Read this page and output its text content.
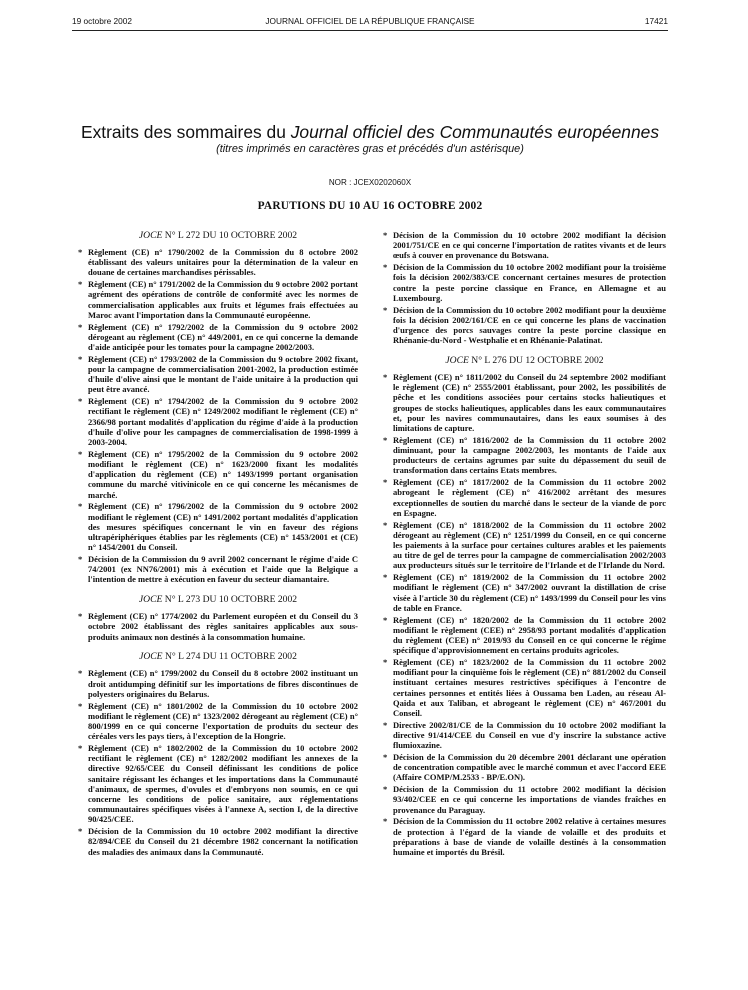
19 octobre 2002	JOURNAL OFFICIEL DE LA RÉPUBLIQUE FRANÇAISE	17421
Extraits des sommaires du Journal officiel des Communautés européennes
(titres imprimés en caractères gras et précédés d'un astérisque)
NOR : JCEX0202060X
PARUTIONS DU 10 AU 16 OCTOBRE 2002
JOCE N° L 272 DU 10 OCTOBRE 2002
* Règlement (CE) n° 1790/2002 de la Commission du 8 octobre 2002 établissant des valeurs unitaires pour la détermination de la valeur en douane de certaines marchandises périssables.
* Règlement (CE) n° 1791/2002 de la Commission du 9 octobre 2002 portant agrément des opérations de contrôle de conformité avec les normes de commercialisation applicables aux fruits et légumes frais effectuées au Maroc avant l'importation dans la Communauté européenne.
* Règlement (CE) n° 1792/2002 de la Commission du 9 octobre 2002 dérogeant au règlement (CE) n° 449/2001, en ce qui concerne la demande d'aide anticipée pour les tomates pour la campagne 2002/2003.
* Règlement (CE) n° 1793/2002 de la Commission du 9 octobre 2002 fixant, pour la campagne de commercialisation 2001-2002, la production estimée d'huile d'olive ainsi que le montant de l'aide unitaire à la production qui peut être avancé.
* Règlement (CE) n° 1794/2002 de la Commission du 9 octobre 2002 rectifiant le règlement (CE) n° 1249/2002 modifiant le règlement (CE) n° 2366/98 portant modalités d'application du régime d'aide à la production d'huile d'olive pour les campagnes de commercialisation de 1998-1999 à 2003-2004.
* Règlement (CE) n° 1795/2002 de la Commission du 9 octobre 2002 modifiant le règlement (CE) n° 1623/2000 fixant les modalités d'application du règlement (CE) n° 1493/1999 portant organisation commune du marché vitivinicole en ce qui concerne les mécanismes de marché.
* Règlement (CE) n° 1796/2002 de la Commission du 9 octobre 2002 modifiant le règlement (CE) n° 1491/2002 portant modalités d'application des mesures spécifiques concernant le vin en faveur des régions ultrapériphériques établies par les règlements (CE) n° 1453/2001 et (CE) n° 1454/2001 du Conseil.
* Décision de la Commission du 9 avril 2002 concernant le régime d'aide C 74/2001 (ex NN76/2001) mis à exécution et l'aide que la Belgique a l'intention de mettre à exécution en faveur du secteur diamantaire.
JOCE N° L 273 DU 10 OCTOBRE 2002
* Règlement (CE) n° 1774/2002 du Parlement européen et du Conseil du 3 octobre 2002 établissant des règles sanitaires applicables aux sous-produits animaux non destinés à la consommation humaine.
JOCE N° L 274 DU 11 OCTOBRE 2002
* Règlement (CE) n° 1799/2002 du Conseil du 8 octobre 2002 instituant un droit antidumping définitif sur les importations de fibres discontinues de polyesters originaires du Belarus.
* Règlement (CE) n° 1801/2002 de la Commission du 10 octobre 2002 modifiant le règlement (CE) n° 1323/2002 dérogeant au règlement (CE) n° 800/1999 en ce qui concerne l'exportation de produits du secteur des céréales vers les pays tiers, à l'exception de la Hongrie.
* Règlement (CE) n° 1802/2002 de la Commission du 10 octobre 2002 rectifiant le règlement (CE) n° 1282/2002 modifiant les annexes de la directive 92/65/CEE du Conseil définissant les conditions de police sanitaire régissant les échanges et les importations dans la Communauté d'animaux, de spermes, d'ovules et d'embryons non soumis, en ce qui concerne les conditions de police sanitaire, aux réglementations communautaires spécifiques visées à l'annexe A, section I, de la directive 90/425/CEE.
* Décision de la Commission du 10 octobre 2002 modifiant la directive 82/894/CEE du Conseil du 21 décembre 1982 concernant la notification des maladies des animaux dans la Communauté.
* Décision de la Commission du 10 octobre 2002 modifiant la décision 2001/751/CE en ce qui concerne l'importation de ratites vivants et de leurs œufs à couver en provenance du Botswana.
* Décision de la Commission du 10 octobre 2002 modifiant pour la troisième fois la décision 2002/383/CE concernant certaines mesures de protection contre la peste porcine classique en France, en Allemagne et au Luxembourg.
* Décision de la Commission du 10 octobre 2002 modifiant pour la deuxième fois la décision 2002/161/CE en ce qui concerne les plans de vaccination d'urgence des porcs sauvages contre la peste porcine classique en Rhénanie-du-Nord - Westphalie et en Rhénanie-Palatinat.
JOCE N° L 276 DU 12 OCTOBRE 2002
* Règlement (CE) n° 1811/2002 du Conseil du 24 septembre 2002 modifiant le règlement (CE) n° 2555/2001 établissant, pour 2002, les possibilités de pêche et les conditions associées pour certains stocks halieutiques et groupes de stocks halieutiques, applicables dans les eaux communautaires et, pour les navires communautaires, dans les eaux soumises à des limitations de capture.
* Règlement (CE) n° 1816/2002 de la Commission du 11 octobre 2002 diminuant, pour la campagne 2002/2003, les montants de l'aide aux producteurs de certains agrumes par suite du dépassement du seuil de transformation dans certains Etats membres.
* Règlement (CE) n° 1817/2002 de la Commission du 11 octobre 2002 abrogeant le règlement (CE) n° 416/2002 arrêtant des mesures exceptionnelles de soutien du marché dans le secteur de la viande de porc en Espagne.
* Règlement (CE) n° 1818/2002 de la Commission du 11 octobre 2002 dérogeant au règlement (CE) n° 1251/1999 du Conseil, en ce qui concerne les paiements à la surface pour certaines cultures arables et les paiements au titre de gel de terres pour la campagne de commercialisation 2002/2003 aux producteurs situés sur le territoire de l'Irlande et de l'Irlande du Nord.
* Règlement (CE) n° 1819/2002 de la Commission du 11 octobre 2002 modifiant le règlement (CE) n° 347/2002 ouvrant la distillation de crise visée à l'article 30 du règlement (CE) n° 1493/1999 du Conseil pour les vins de table en France.
* Règlement (CE) n° 1820/2002 de la Commission du 11 octobre 2002 modifiant le règlement (CEE) n° 2958/93 portant modalités d'application du règlement (CEE) n° 2019/93 du Conseil en ce qui concerne le régime spécifique d'approvisionnement en certains produits agricoles.
* Règlement (CE) n° 1823/2002 de la Commission du 11 octobre 2002 modifiant pour la cinquième fois le règlement (CE) n° 881/2002 du Conseil instituant certaines mesures restrictives spécifiques à l'encontre de certaines personnes et entités liées à Oussama ben Laden, au réseau Al-Qaida et aux Taliban, et abrogeant le règlement (CE) n° 467/2001 du Conseil.
* Directive 2002/81/CE de la Commission du 10 octobre 2002 modifiant la directive 91/414/CEE du Conseil en vue d'y inscrire la substance active flumioxazine.
* Décision de la Commission du 20 décembre 2001 déclarant une opération de concentration compatible avec le marché commun et avec l'accord EEE (Affaire COMP/M.2533 - BP/E.ON).
* Décision de la Commission du 11 octobre 2002 modifiant la décision 93/402/CEE en ce qui concerne les importations de viandes fraîches en provenance du Paraguay.
* Décision de la Commission du 11 octobre 2002 relative à certaines mesures de protection à l'égard de la viande de volaille et des produits et préparations à base de viande de volaille destinés à la consommation humaine et importés du Brésil.
